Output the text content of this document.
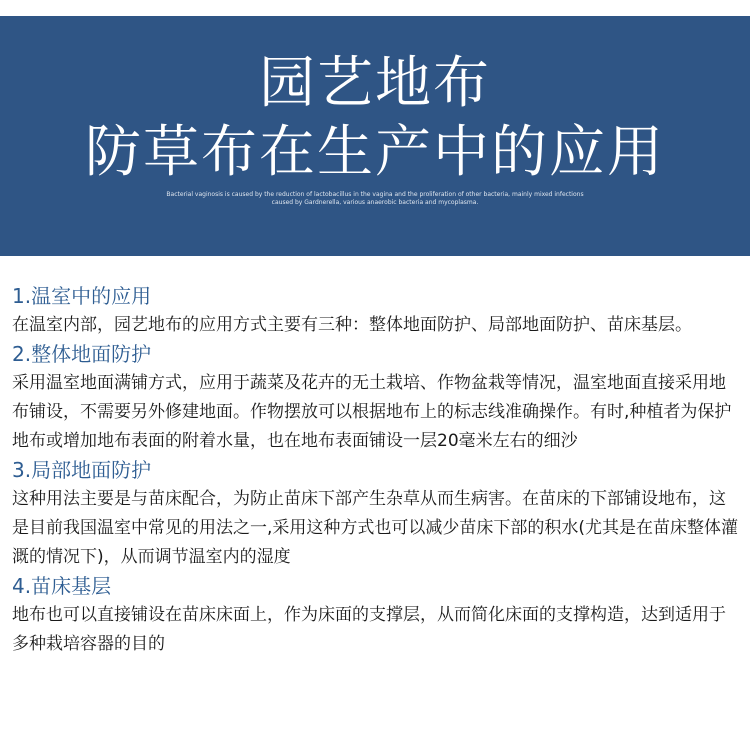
园艺地布
防草布在生产中的应用
Bacterial vaginosis is caused by the reduction of lactobacillus in the vagina and the proliferation of other bacteria, mainly mixed infections caused by Gardnerella, various anaerobic bacteria and mycoplasma.

1.温室中的应用

在温室内部，园艺地布的应用方式主要有三种：整体地面防护、局部地面防护、苗床基层。

2.整体地面防护

采用温室地面满铺方式，应用于蔬菜及花卉的无土栽培、作物盆栽等情况，温室地面直接采用地布铺设，不需要另外修建地面。作物摆放可以根据地布上的标志线准确操作。有时,种植者为保护地布或增加地布表面的附着水量，也在地布表面铺设一层20毫米左右的细沙

3.局部地面防护

这种用法主要是与苗床配合，为防止苗床下部产生杂草从而生病害。在苗床的下部铺设地布，这是目前我国温室中常见的用法之一,采用这种方式也可以减少苗床下部的积水(尤其是在苗床整体灌溉的情况下)，从而调节温室内的湿度

4.苗床基层

地布也可以直接铺设在苗床床面上，作为床面的支撑层，从而简化床面的支撑构造，达到适用于多种栽培容器的目的
